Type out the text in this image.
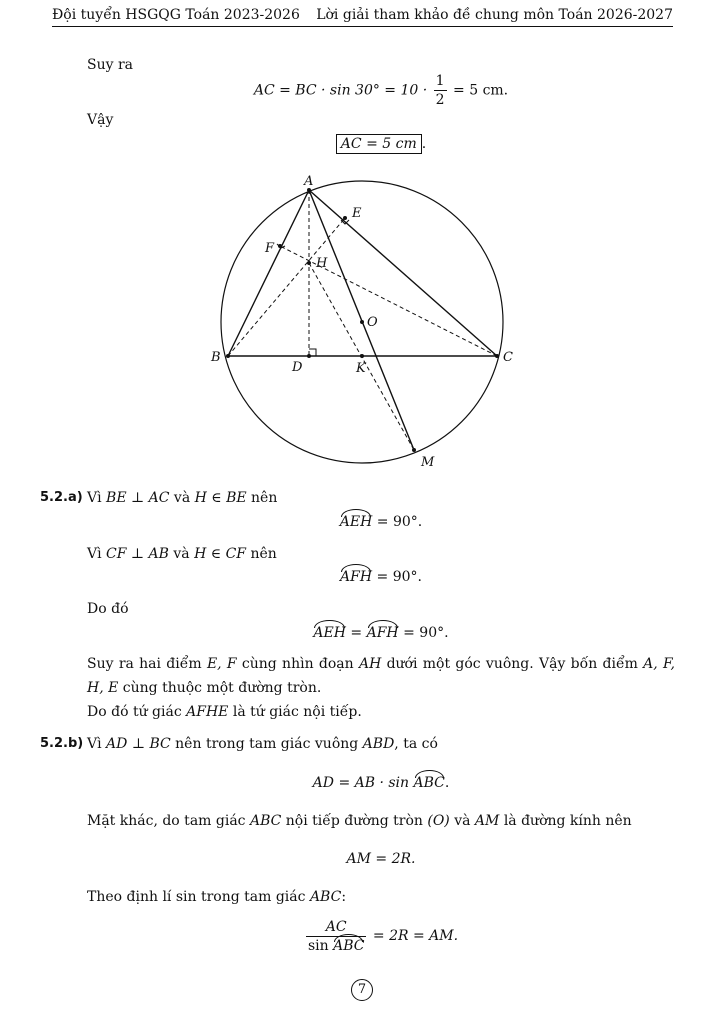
Đội tuyển HSGQG Toán 2023-2026 Lời giải tham khảo đề chung môn Toán 2026-2027
Suy ra
AC = BC · $\sin 30^\circ = 10 \cdot \frac{1}{2} = 5$ cm.
Vậy
AC = 5 cm .
A
B	C
D
E
F
H
O
K
M
5.2.a) Vì BE ⊥ AC và H ∈ BE nên
AEH = 90°.
Vì CF ⊥ AB và H ∈ CF nên
AFH = 90°.
Do đó
AEH = AFH = 90°.
Suy ra hai điểm E, F cùng nhìn đoạn AH dưới một góc vuông. Vậy bốn điểm A, F, H, E cùng thuộc một đường tròn.
Do đó tứ giác AFHE là tứ giác nội tiếp.
5.2.b) Vì AD ⊥ BC nên trong tam giác vuông ABD, ta có
AD = AB · sin ABC.
Mặt khác, do tam giác ABC nội tiếp đường tròn (O) và AM là đường kính nên
AM = 2R.
Theo định lí sin trong tam giác ABC:
$\frac{AC}{\text{sin ABC}} = 2R$ = AM.
7
